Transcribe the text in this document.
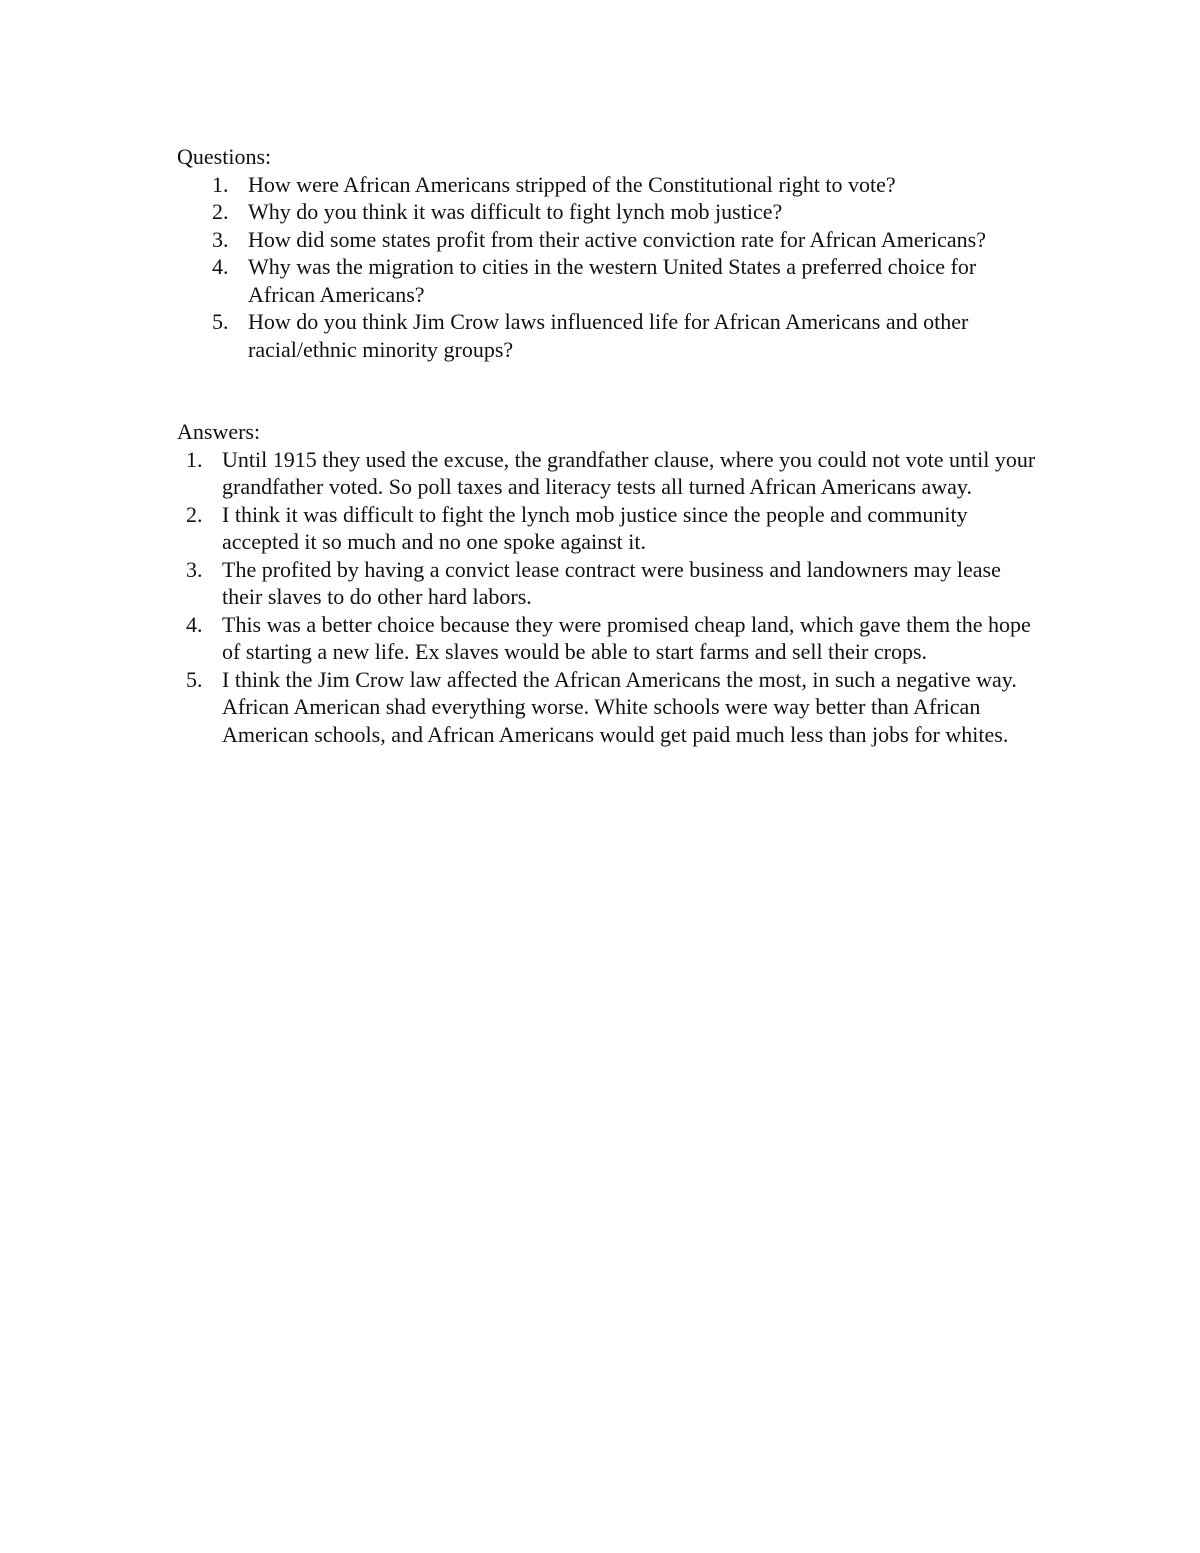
Questions:

1. How were African Americans stripped of the Constitutional right to vote?
2. Why do you think it was difficult to fight lynch mob justice?
3. How did some states profit from their active conviction rate for African Americans?
4. Why was the migration to cities in the western United States a preferred choice for African Americans?
5. How do you think Jim Crow laws influenced life for African Americans and other racial/ethnic minority groups?

Answers:

1. Until 1915 they used the excuse, the grandfather clause, where you could not vote until your grandfather voted. So poll taxes and literacy tests all turned African Americans away.
2. I think it was difficult to fight the lynch mob justice since the people and community accepted it so much and no one spoke against it.
3. The profited by having a convict lease contract were business and landowners may lease their slaves to do other hard labors.
4. This was a better choice because they were promised cheap land, which gave them the hope of starting a new life. Ex slaves would be able to start farms and sell their crops.
5. I think the Jim Crow law affected the African Americans the most, in such a negative way. African American shad everything worse. White schools were way better than African American schools, and African Americans would get paid much less than jobs for whites.
